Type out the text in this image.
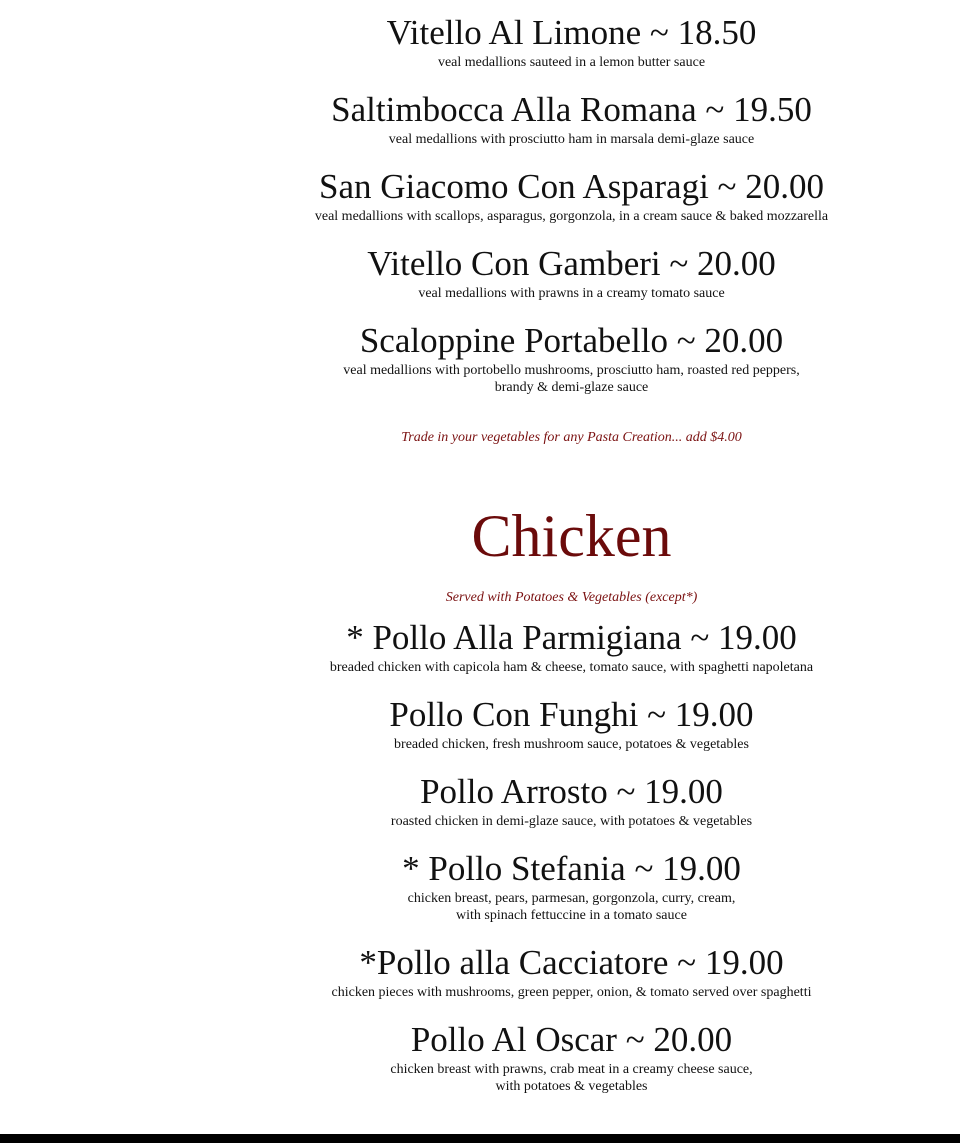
Vitello Al Limone ~ 18.50

veal medallions sauteed in a lemon butter sauce

Saltimbocca Alla Romana ~ 19.50

veal medallions with prosciutto ham in marsala demi-glaze sauce

San Giacomo Con Asparagi ~ 20.00

veal medallions with scallops, asparagus, gorgonzola, in a cream sauce & baked mozzarella

Vitello Con Gamberi ~ 20.00

veal medallions with prawns in a creamy tomato sauce

Scaloppine Portabello ~ 20.00

veal medallions with portobello mushrooms, prosciutto ham, roasted red peppers,
brandy & demi-glaze sauce

Trade in your vegetables for any Pasta Creation... add $4.00

Chicken

Served with Potatoes & Vegetables (except*)

* Pollo Alla Parmigiana ~ 19.00

breaded chicken with capicola ham & cheese, tomato sauce, with spaghetti napoletana

Pollo Con Funghi ~ 19.00

breaded chicken, fresh mushroom sauce, potatoes & vegetables

Pollo Arrosto ~ 19.00

roasted chicken in demi-glaze sauce, with potatoes & vegetables

* Pollo Stefania ~ 19.00

chicken breast, pears, parmesan, gorgonzola, curry, cream,
with spinach fettuccine in a tomato sauce

*Pollo alla Cacciatore ~ 19.00

chicken pieces with mushrooms, green pepper, onion, & tomato served over spaghetti

Pollo Al Oscar ~ 20.00

chicken breast with prawns, crab meat in a creamy cheese sauce,
with potatoes & vegetables
